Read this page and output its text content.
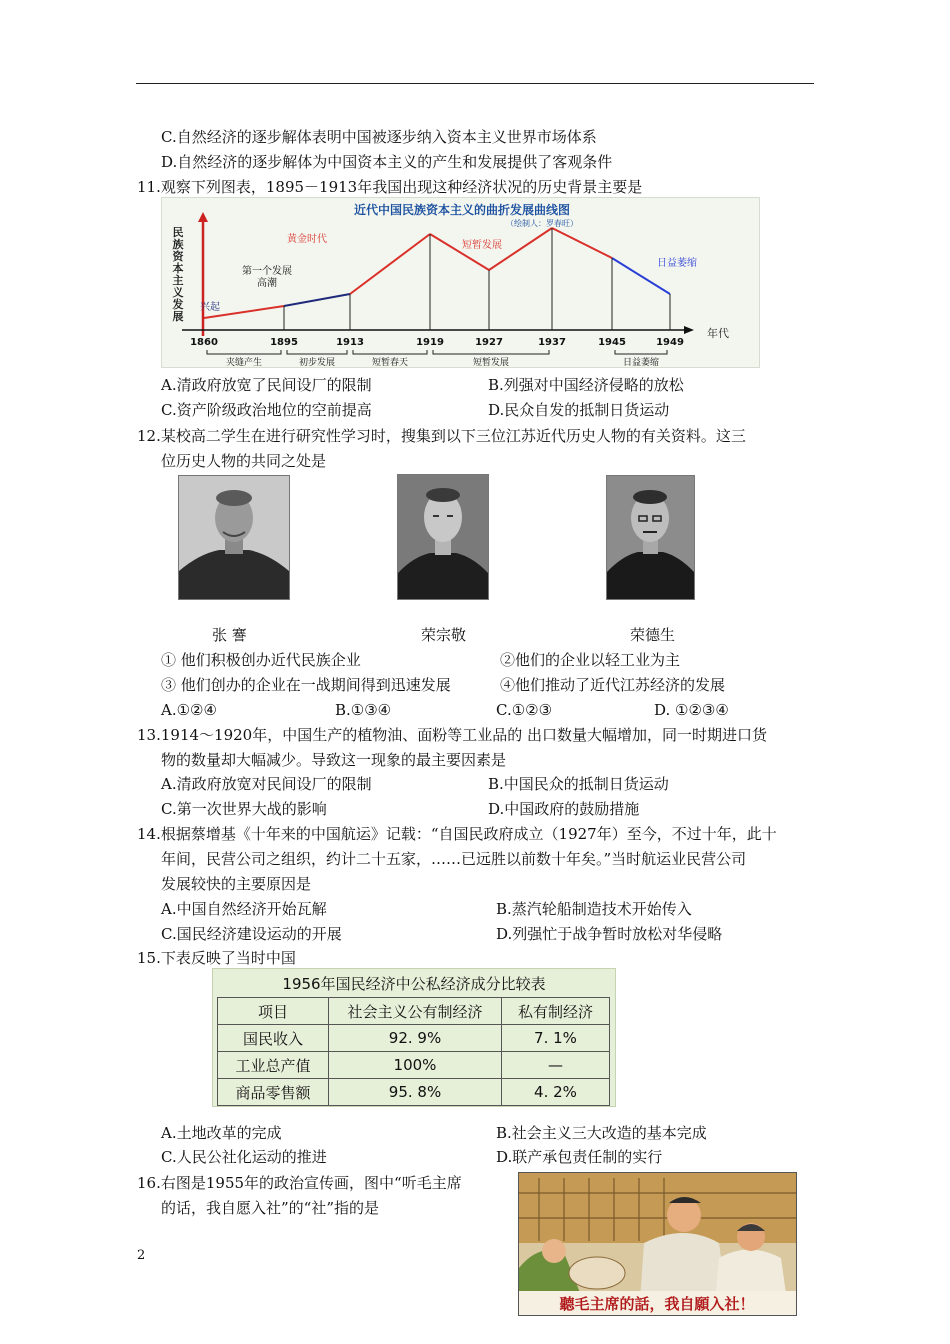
C.自然经济的逐步解体表明中国被逐步纳入资本主义世界市场体系
D.自然经济的逐步解体为中国资本主义的产生和发展提供了客观条件
11.观察下列图表，1895－1913年我国出现这种经济状况的历史背景主要是
近代中国民族资本主义的曲折发展曲线图
（绘制人：罗春旺）
民
族
资
本
主
义
发
展
年代
1860	1895	1913	1919	1927	1937	1945	1949
兴起
第一个发展
高潮
黄金时代
短暂发展
日益萎缩
夹缝产生	初步发展	短暂春天	短暂发展	日益萎缩
A.清政府放宽了民间设厂的限制	B.列强对中国经济侵略的放松
C.资产阶级政治地位的空前提高	D.民众自发的抵制日货运动
12.某校高二学生在进行研究性学习时，搜集到以下三位江苏近代历史人物的有关资料。这三
位历史人物的共同之处是
张 謇	荣宗敬	荣德生
① 他们积极创办近代民族企业	②他们的企业以轻工业为主
③ 他们创办的企业在一战期间得到迅速发展	④他们推动了近代江苏经济的发展
A.①②④	B.①③④	C.①②③	D. ①②③④
13.1914～1920年，中国生产的植物油、面粉等工业品的 出口数量大幅增加，同一时期进口货
物的数量却大幅减少。导致这一现象的最主要因素是
A.清政府放宽对民间设厂的限制	B.中国民众的抵制日货运动
C.第一次世界大战的影响	D.中国政府的鼓励措施
14.根据蔡增基《十年来的中国航运》记载：“自国民政府成立（1927年）至今，不过十年，此十
年间，民营公司之组织，约计二十五家，……已远胜以前数十年矣。”当时航运业民营公司
发展较快的主要原因是
A.中国自然经济开始瓦解	B.蒸汽轮船制造技术开始传入
C.国民经济建设运动的开展	D.列强忙于战争暂时放松对华侵略
15.下表反映了当时中国
1956年国民经济中公私经济成分比较表
项目	社会主义公有制经济	私有制经济
国民收入	92. 9%	7. 1%
工业总产值	100%	—
商品零售额	95. 8%	4. 2%
A.土地改革的完成	B.社会主义三大改造的基本完成
C.人民公社化运动的推进	D.联产承包责任制的实行
16.右图是1955年的政治宣传画，图中“听毛主席
的话，我自愿入社”的“社”指的是
聽毛主席的話，我自願入社！
2
